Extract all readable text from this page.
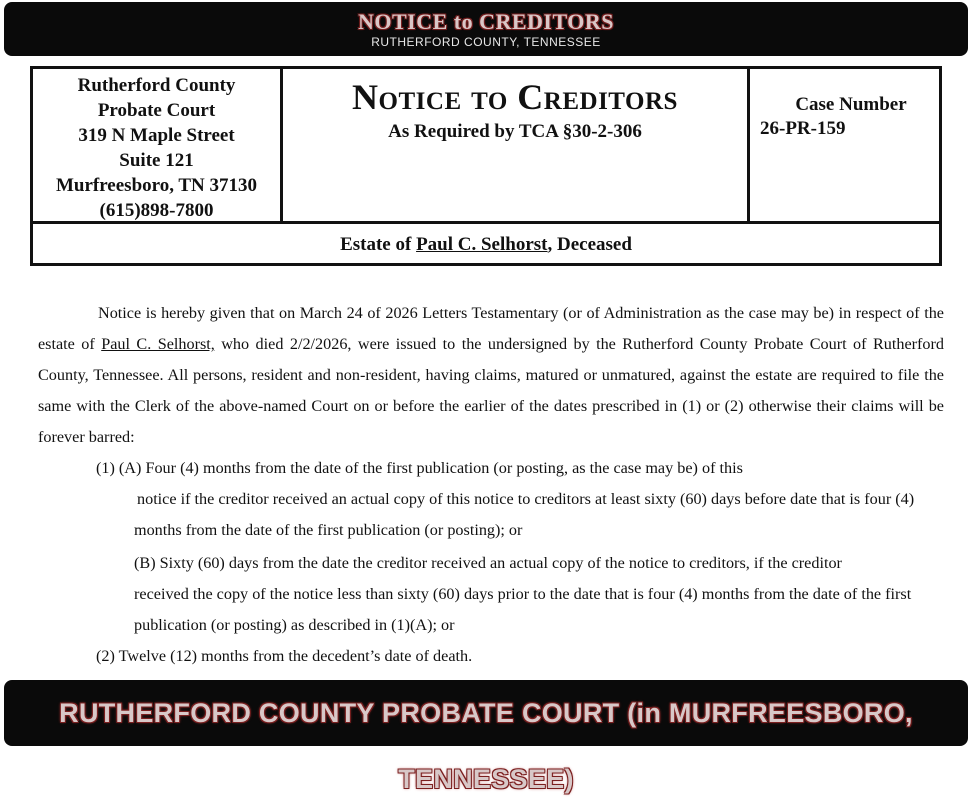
NOTICE to CREDITORS
RUTHERFORD COUNTY, TENNESSEE
Rutherford County
Probate Court
319 N Maple Street
Suite 121
Murfreesboro, TN 37130
(615)898-7800
Notice to Creditors
As Required by TCA §30-2-306
Case Number
26-PR-159
Estate of Paul C. Selhorst, Deceased

Notice is hereby given that on March 24 of 2026 Letters Testamentary (or of Administration as the case may be) in respect of the estate of Paul C. Selhorst, who died 2/2/2026, were issued to the undersigned by the Rutherford County Probate Court of Rutherford County, Tennessee. All persons, resident and non-resident, having claims, matured or unmatured, against the estate are required to file the same with the Clerk of the above-named Court on or before the earlier of the dates prescribed in (1) or (2) otherwise their claims will be forever barred:

(1) (A) Four (4) months from the date of the first publication (or posting, as the case may be) of this
notice if the creditor received an actual copy of this notice to creditors at least sixty (60) days before date that is four (4)
months from the date of the first publication (or posting); or
(B) Sixty (60) days from the date the creditor received an actual copy of the notice to creditors, if the creditor
received the copy of the notice less than sixty (60) days prior to the date that is four (4) months from the date of the first
publication (or posting) as described in (1)(A); or
(2) Twelve (12) months from the decedent’s date of death.
RUTHERFORD COUNTY PROBATE COURT (in MURFREESBORO, TENNESSEE)
